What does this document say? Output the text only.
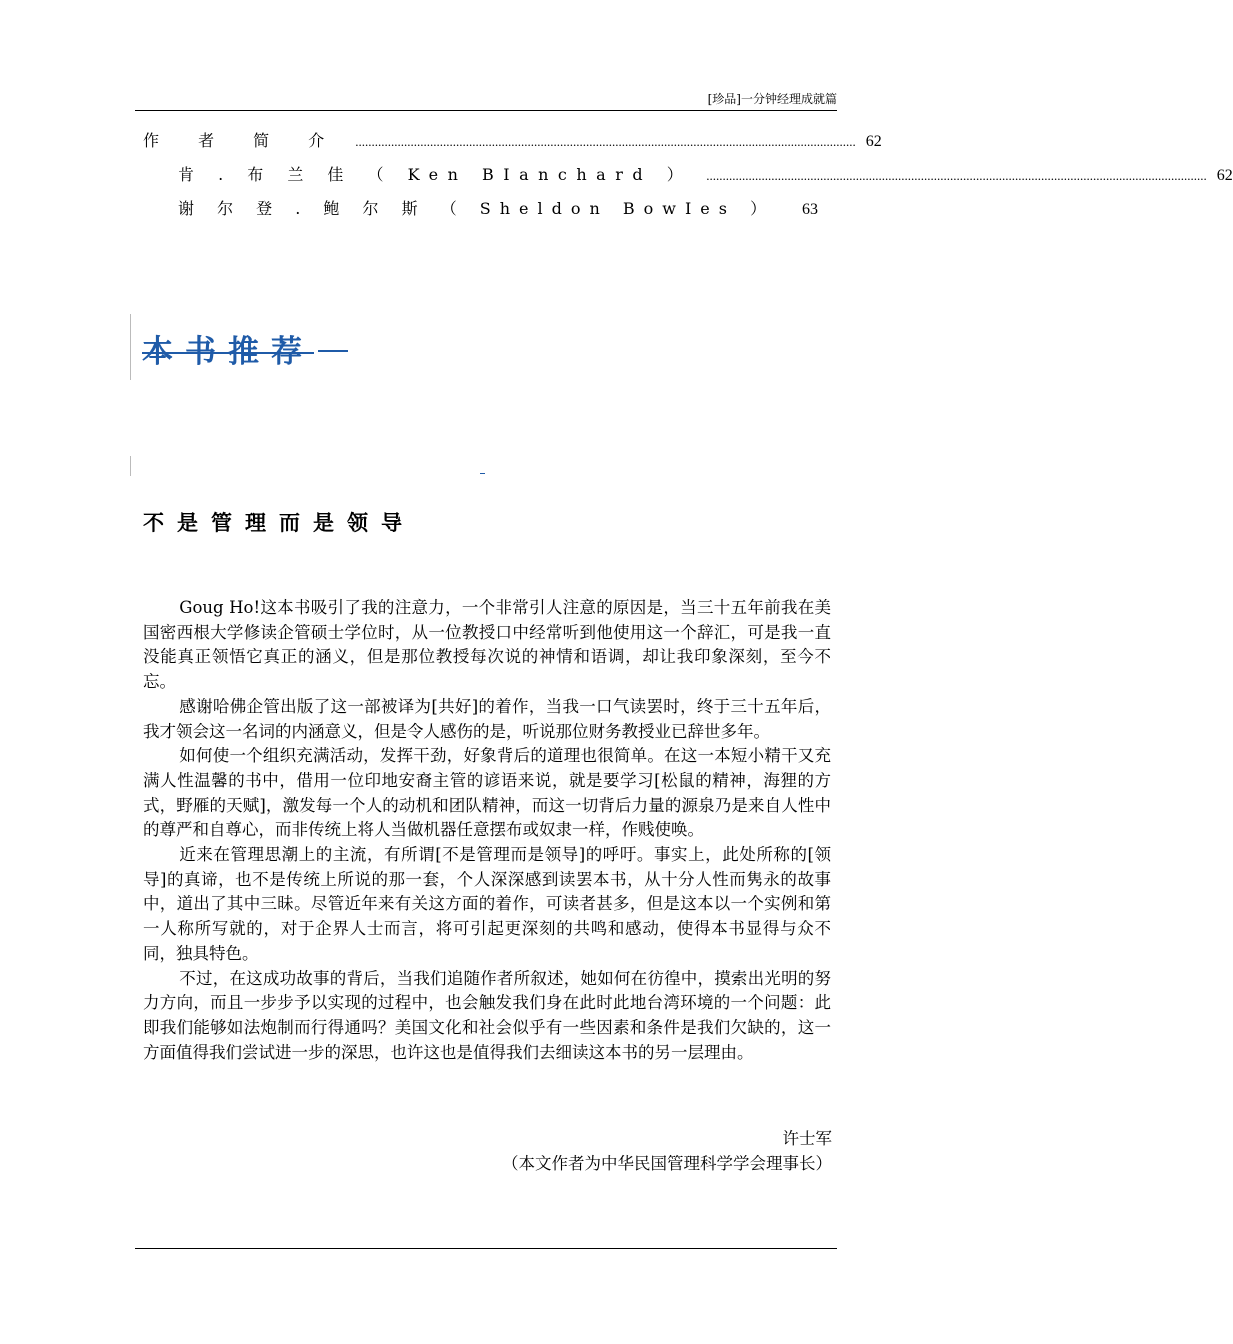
[珍品]一分钟经理成就篇
作 者 简 介 .......................................................................................................................................................... 62
肯 . 布 兰 佳 （ Ken BIanchard ） .......................................................................................................................................................... 62
谢 尔 登 . 鲍 尔 斯 （ Sheldon BowIes ） 63
本书推荐
不是管理而是领导

Goug Ho!这本书吸引了我的注意力，一个非常引人注意的原因是，当三十五年前我在美国密西根大学修读企管硕士学位时，从一位教授口中经常听到他使用这一个辞汇，可是我一直没能真正领悟它真正的涵义，但是那位教授每次说的神情和语调，却让我印象深刻，至今不忘。

感谢哈佛企管出版了这一部被译为[共好]的着作，当我一口气读罢时，终于三十五年后，我才领会这一名词的内涵意义，但是令人感伤的是，听说那位财务教授业已辞世多年。

如何使一个组织充满活动，发挥干劲，好象背后的道理也很简单。在这一本短小精干又充满人性温馨的书中，借用一位印地安裔主管的谚语来说，就是要学习[松鼠的精神，海狸的方式，野雁的天赋]，激发每一个人的动机和团队精神，而这一切背后力量的源泉乃是来自人性中的尊严和自尊心，而非传统上将人当做机器任意摆布或奴隶一样，作贱使唤。

近来在管理思潮上的主流，有所谓[不是管理而是领导]的呼吁。事实上，此处所称的[领导]的真谛，也不是传统上所说的那一套，个人深深感到读罢本书，从十分人性而隽永的故事中，道出了其中三昧。尽管近年来有关这方面的着作，可读者甚多，但是这本以一个实例和第一人称所写就的，对于企界人士而言，将可引起更深刻的共鸣和感动，使得本书显得与众不同，独具特色。

不过，在这成功故事的背后，当我们追随作者所叙述，她如何在彷徨中，摸索出光明的努力方向，而且一步步予以实现的过程中，也会触发我们身在此时此地台湾环境的一个问题：此即我们能够如法炮制而行得通吗？美国文化和社会似乎有一些因素和条件是我们欠缺的，这一方面值得我们尝试进一步的深思，也许这也是值得我们去细读这本书的另一层理由。

许士军
（本文作者为中华民国管理科学学会理事长）
